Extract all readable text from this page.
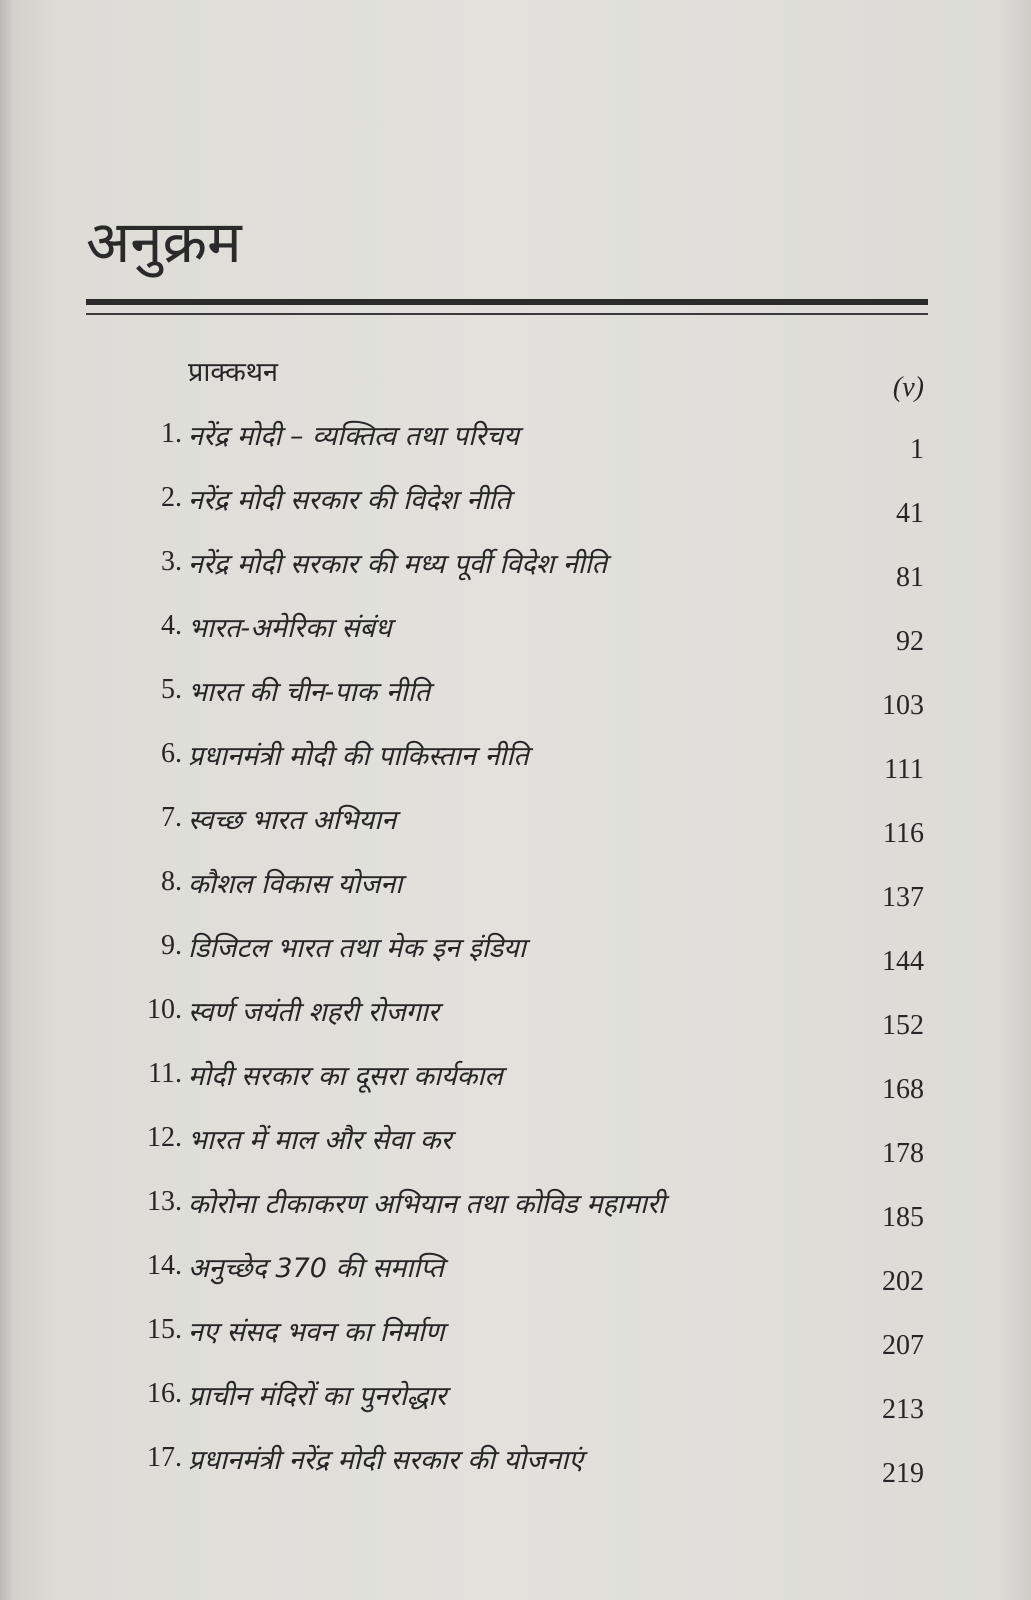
अनुक्रम
प्राक्कथन	(v)
1. नरेंद्र मोदी – व्यक्तित्व तथा परिचय	1
2. नरेंद्र मोदी सरकार की विदेश नीति	41
3. नरेंद्र मोदी सरकार की मध्य पूर्वी विदेश नीति	81
4. भारत-अमेरिका संबंध	92
5. भारत की चीन-पाक नीति	103
6. प्रधानमंत्री मोदी की पाकिस्तान नीति	111
7. स्वच्छ भारत अभियान	116
8. कौशल विकास योजना	137
9. डिजिटल भारत तथा मेक इन इंडिया	144
10. स्वर्ण जयंती शहरी रोजगार	152
11. मोदी सरकार का दूसरा कार्यकाल	168
12. भारत में माल और सेवा कर	178
13. कोरोना टीकाकरण अभियान तथा कोविड महामारी	185
14. अनुच्छेद 370 की समाप्ति	202
15. नए संसद भवन का निर्माण	207
16. प्राचीन मंदिरों का पुनरोद्धार	213
17. प्रधानमंत्री नरेंद्र मोदी सरकार की योजनाएं	219
